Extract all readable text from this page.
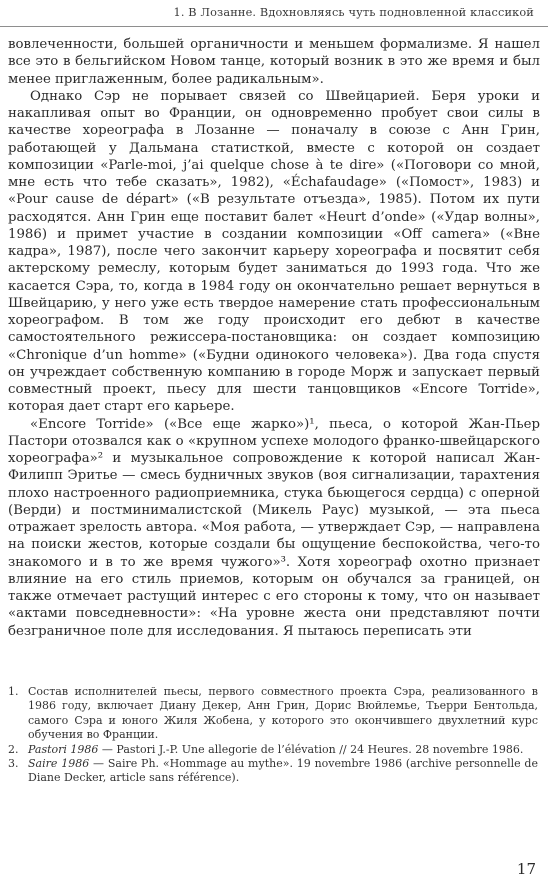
1. В Лозанне. Вдохновляясь чуть подновленной классикой

вовлеченности, большей органичности и меньшем формализме. Я нашел все это в бельгийском Новом танце, который возник в это же время и был менее приглаженным, более радикальным».

Однако Сэр не порывает связей со Швейцарией. Беря уроки и накапливая опыт во Франции, он одновременно пробует свои силы в качестве хореографа в Лозанне — поначалу в союзе с Анн Грин, работающей у Дальмана статисткой, вместе с которой он создает композиции «Parle-moi, j’ai quelque chose à te dire» («Поговори со мной, мне есть что тебе сказать», 1982), «Échafaudage» («Помост», 1983) и «Pour cause de départ» («В результате отъезда», 1985). Потом их пути расходятся. Анн Грин еще поставит балет «Heurt d’onde» («Удар волны», 1986) и примет участие в создании композиции «Off camera» («Вне кадра», 1987), после чего закончит карьеру хореографа и посвятит себя актерскому ремеслу, которым будет заниматься до 1993 года. Что же касается Сэра, то, когда в 1984 году он окончательно решает вернуться в Швейцарию, у него уже есть твердое намерение стать профессиональным хореографом. В том же году происходит его дебют в качестве самостоятельного режиссера-постановщика: он создает композицию «Chronique d’un homme» («Будни одинокого человека»). Два года спустя он учреждает собственную компанию в городе Морж и запускает первый совместный проект, пьесу для шести танцовщиков «Encore Torride», которая дает старт его карьере.

«Encore Torride» («Все еще жарко»)¹, пьеса, о которой Жан-Пьер Пастори отозвался как о «крупном успехе молодого франко-швейцарского хореографа»² и музыкальное сопровождение к которой написал Жан-Филипп Эритье — смесь будничных звуков (воя сигнализации, тарахтения плохо настроенного радиоприемника, стука бьющегося сердца) с оперной (Верди) и постминималистской (Микель Раус) музыкой, — эта пьеса отражает зрелость автора. «Моя работа, — утверждает Сэр, — направлена на поиски жестов, которые создали бы ощущение беспокойства, чего-то знакомого и в то же время чужого»³. Хотя хореограф охотно признает влияние на его стиль приемов, которым он обучался за границей, он также отмечает растущий интерес с его стороны к тому, что он называет «актами повседневности»: «На уровне жеста они представляют почти безграничное поле для исследования. Я пытаюсь переписать эти

1. Состав исполнителей пьесы, первого совместного проекта Сэра, реализованного в 1986 году, включает Диану Декер, Анн Грин, Дорис Вюйлемье, Тьерри Бентольда, самого Сэра и юного Жиля Жобена, у которого это окончившего двухлетний курс обучения во Франции.
2. Pastori 1986 — Pastori J.-P. Une allegorie de l’élévation // 24 Heures. 28 novembre 1986.
3. Saire 1986 — Saire Ph. «Hommage au mythe». 19 novembre 1986 (archive personnelle de Diane Decker, article sans référence).
17
